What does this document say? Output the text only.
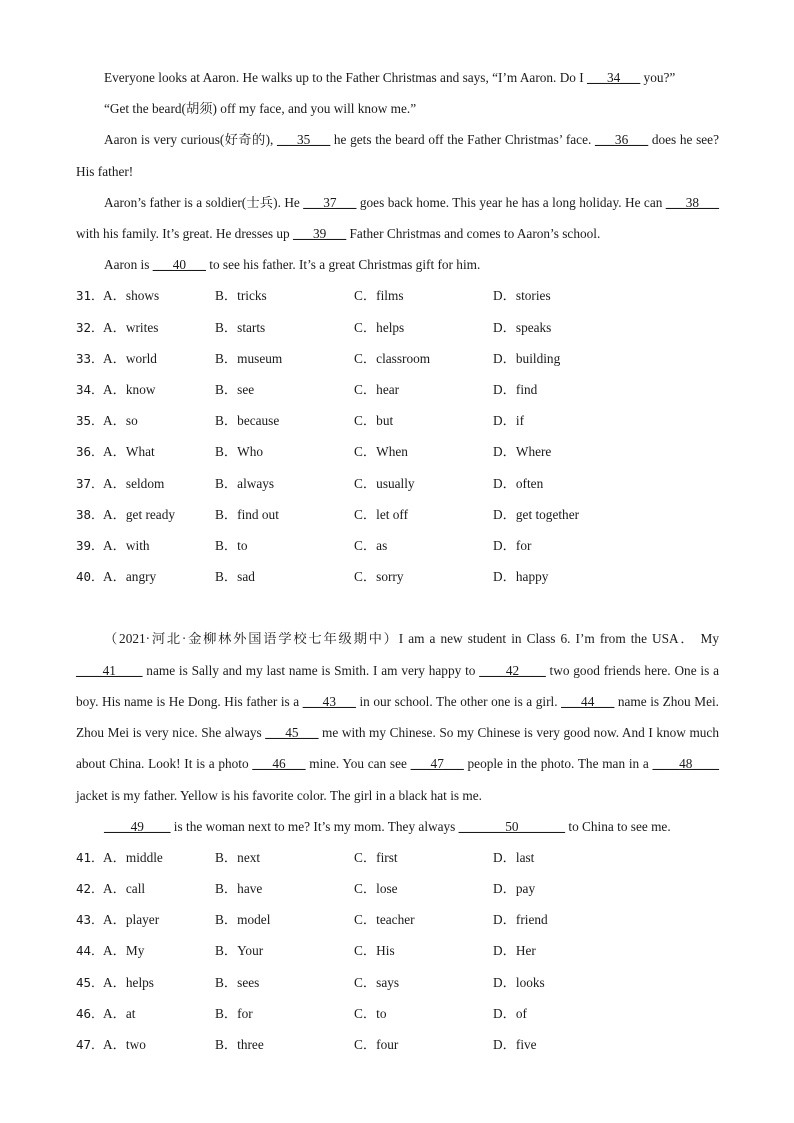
Everyone looks at Aaron. He walks up to the Father Christmas and says, “I’m Aaron. Do I ___34___ you?”

“Get the beard(胡须) off my face, and you will know me.”

Aaron is very curious(好奇的), ___35___ he gets the beard off the Father Christmas’ face. ___36___ does he see? His father!

Aaron’s father is a soldier(士兵). He ___37___ goes back home. This year he has a long holiday. He can ___38___ with his family. It’s great. He dresses up ___39___ Father Christmas and comes to Aaron’s school.

Aaron is ___40___ to see his father. It’s a great Christmas gift for him.

31． A．shows	B．tricks	C．films	D．stories
32． A．writes	B．starts	C．helps	D．speaks
33． A．world	B．museum	C．classroom	D．building
34． A．know	B．see	C．hear	D．find
35． A．so	B．because	C．but	D．if
36． A．What	B．Who	C．When	D．Where
37． A．seldom	B．always	C．usually	D．often
38． A．get ready	B．find out	C．let off	D．get together
39． A．with	B．to	C．as	D．for
40． A．angry	B．sad	C．sorry	D．happy

（2021·河北·金柳林外国语学校七年级期中）I am a new student in Class 6. I’m from the USA． My ____41____ name is Sally and my last name is Smith. I am very happy to ____42____ two good friends here. One is a boy. His name is He Dong. His father is a ___43___ in our school. The other one is a girl. ___44___ name is Zhou Mei. Zhou Mei is very nice. She always ___45___ me with my Chinese. So my Chinese is very good now. And I know much about China. Look! It is a photo ___46___ mine. You can see ___47___ people in the photo. The man in a ____48____ jacket is my father. Yellow is his favorite color. The girl in a black hat is me.

____49____ is the woman next to me? It’s my mom. They always _______50_______ to China to see me.

41． A．middle	B．next	C．first	D．last
42． A．call	B．have	C．lose	D．pay
43． A．player	B．model	C．teacher	D．friend
44． A．My	B．Your	C．His	D．Her
45． A．helps	B．sees	C．says	D．looks
46． A．at	B．for	C．to	D．of
47． A．two	B．three	C．four	D．five
